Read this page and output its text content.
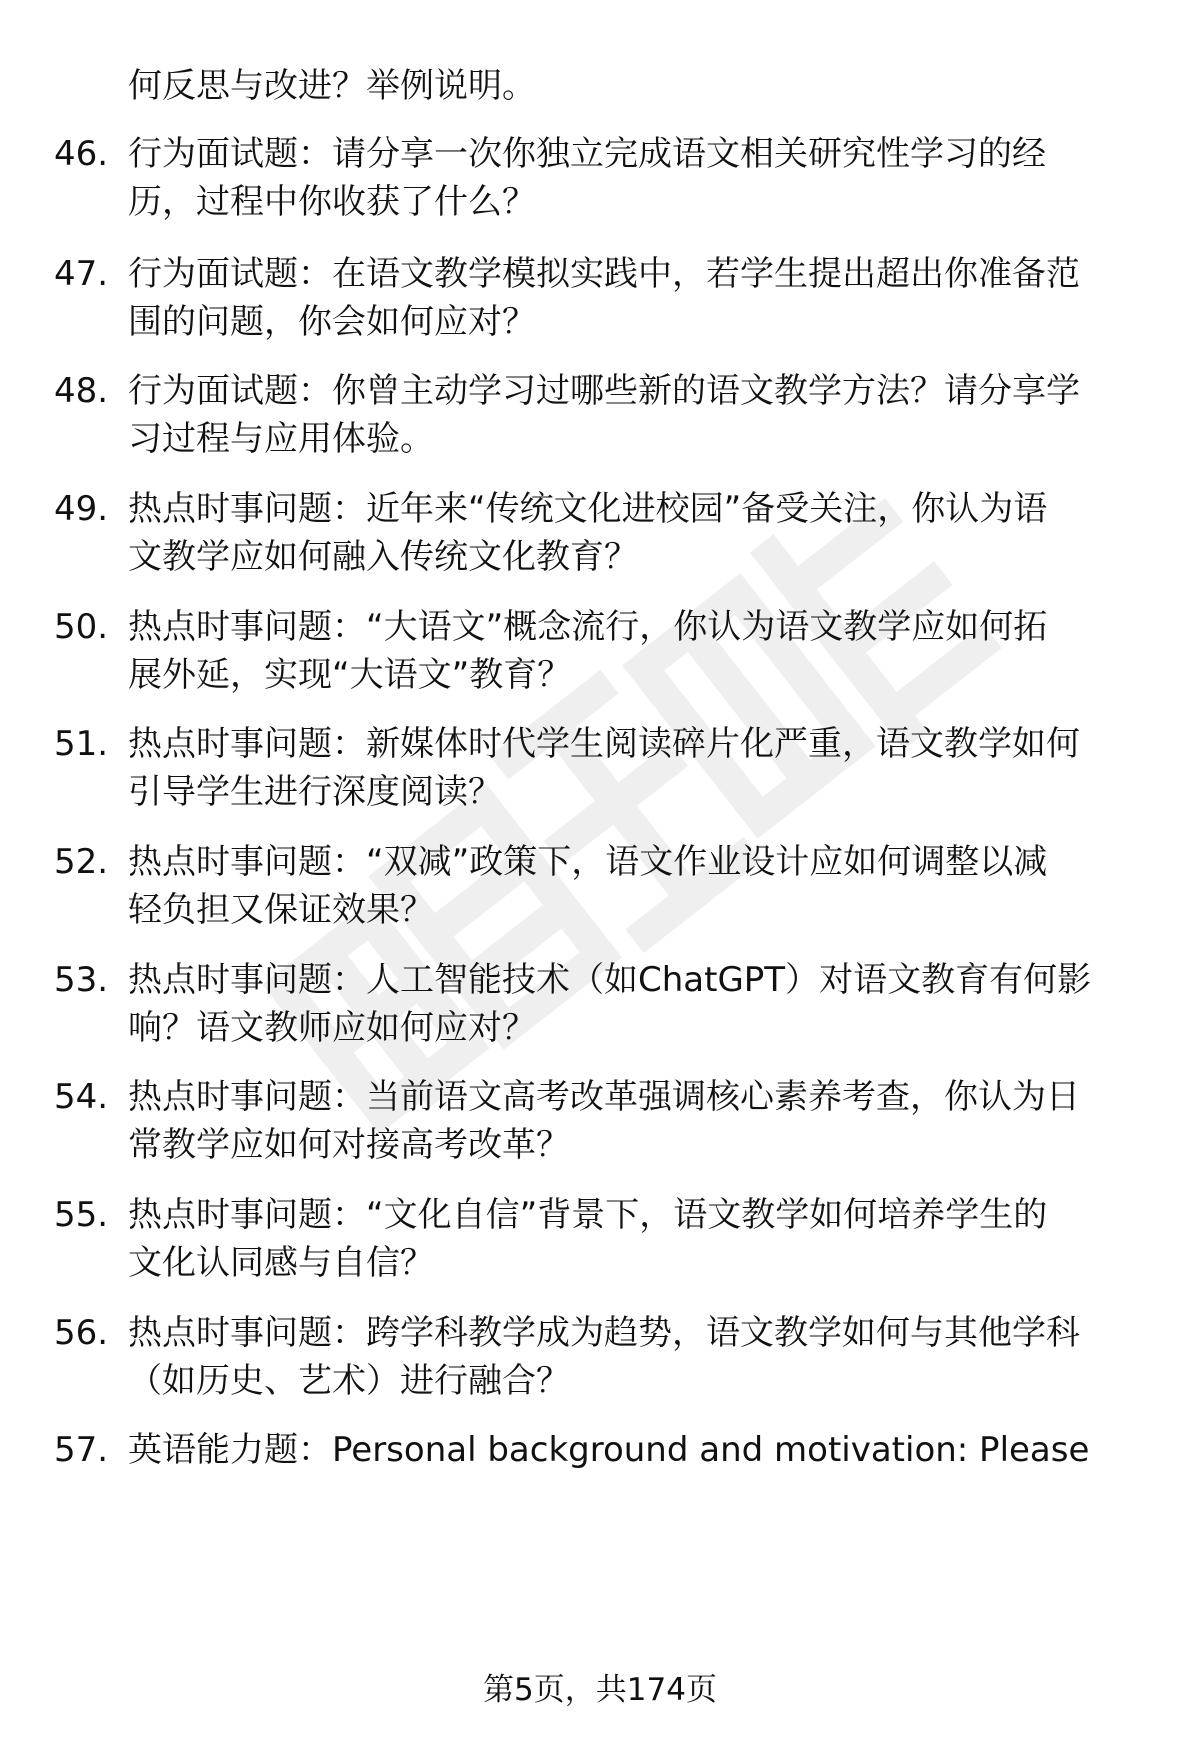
何反思与改进？举例说明。
46. 行为面试题：请分享一次你独立完成语文相关研究性学习的经
历，过程中你收获了什么？
47. 行为面试题：在语文教学模拟实践中，若学生提出超出你准备范
围的问题，你会如何应对？
48. 行为面试题：你曾主动学习过哪些新的语文教学方法？请分享学
习过程与应用体验。
49. 热点时事问题：近年来“传统文化进校园”备受关注，你认为语
文教学应如何融入传统文化教育？
50. 热点时事问题：“大语文”概念流行，你认为语文教学应如何拓
展外延，实现“大语文”教育？
51. 热点时事问题：新媒体时代学生阅读碎片化严重，语文教学如何
引导学生进行深度阅读？
52. 热点时事问题：“双减”政策下，语文作业设计应如何调整以减
轻负担又保证效果？
53. 热点时事问题：人工智能技术（如ChatGPT）对语文教育有何影
响？语文教师应如何应对？
54. 热点时事问题：当前语文高考改革强调核心素养考查，你认为日
常教学应如何对接高考改革？
55. 热点时事问题：“文化自信”背景下，语文教学如何培养学生的
文化认同感与自信？
56. 热点时事问题：跨学科教学成为趋势，语文教学如何与其他学科
（如历史、艺术）进行融合？
57. 英语能力题：Personal background and motivation: Please
第5页，共174页
